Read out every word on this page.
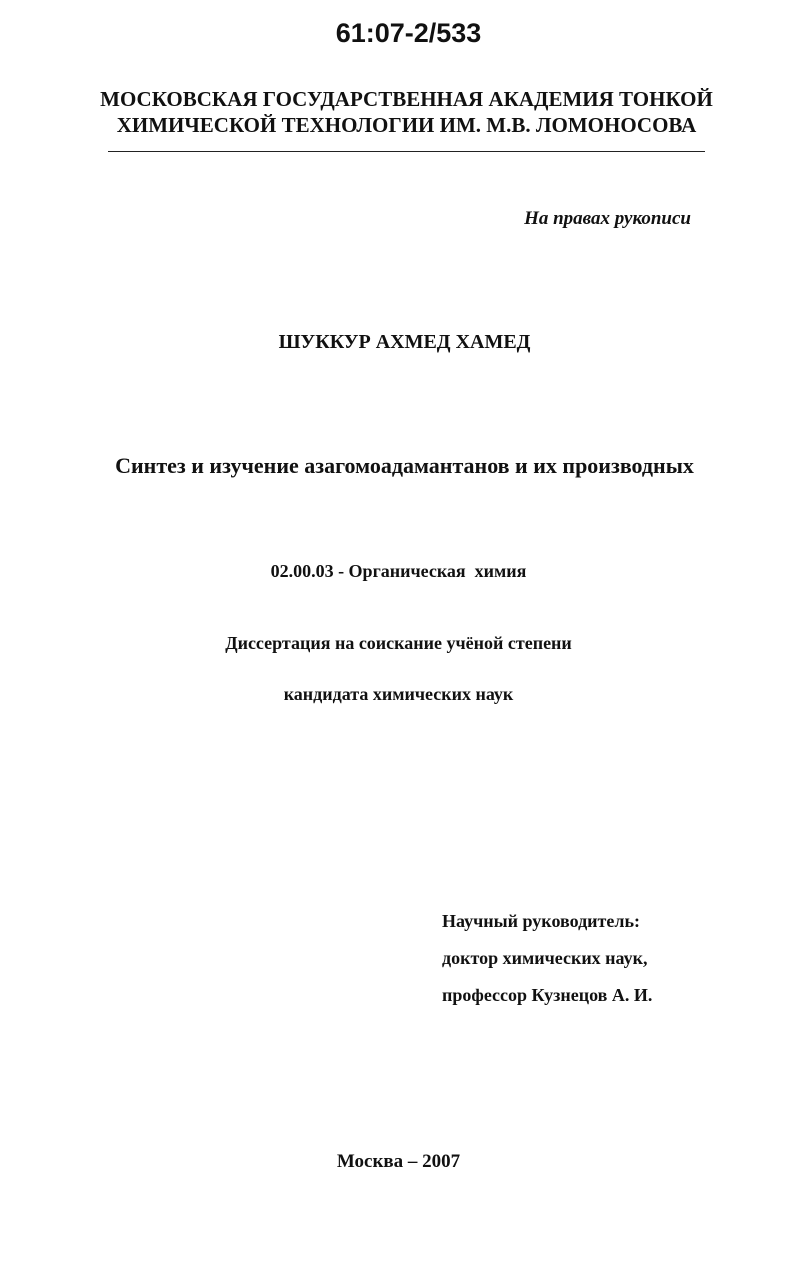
61:07-2/533
МОСКОВСКАЯ ГОСУДАРСТВЕННАЯ АКАДЕМИЯ ТОНКОЙ
ХИМИЧЕСКОЙ ТЕХНОЛОГИИ ИМ. М.В. ЛОМОНОСОВА
На правах рукописи
ШУККУР АХМЕД ХАМЕД
Синтез и изучение азагомоадамантанов и их производных
02.00.03 - Органическая  химия
Диссертация на соискание учёной степени
кандидата химических наук
Научный руководитель:
доктор химических наук,
профессор Кузнецов А. И.
Москва – 2007
